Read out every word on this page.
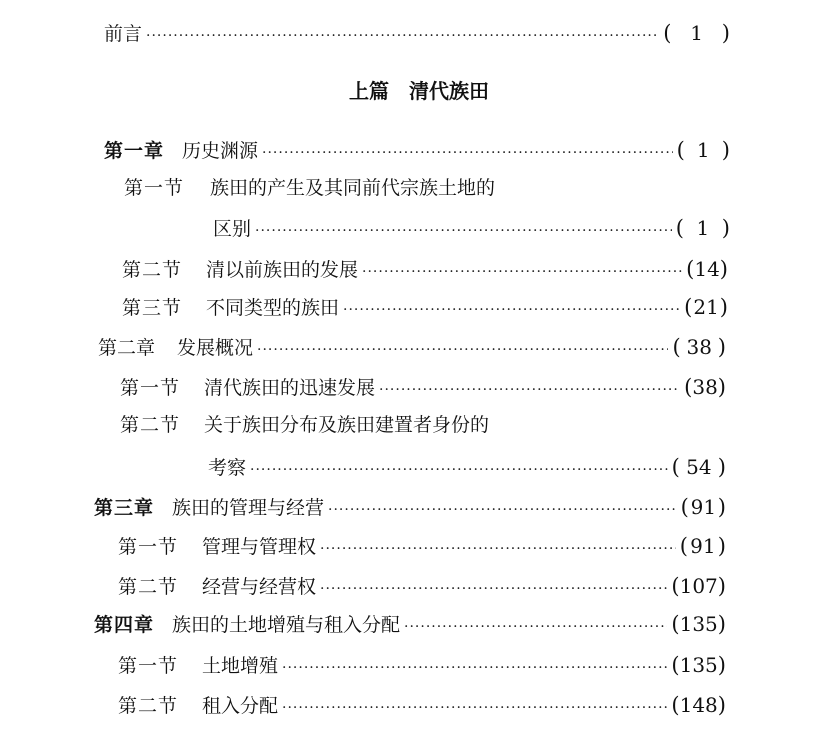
前言 ·····	( 1 )
上篇 清代族田
第一章 历史渊源 ·····	( 1 )
第一节 族田的产生及其同前代宗族土地的
区别 ·····	( 1 )
第二节 清以前族田的发展 ·····	( 14 )
第三节 不同类型的族田 ·····	( 21 )
第二章 发展概况 ·····	( 38 )
第一节 清代族田的迅速发展 ·····	( 38 )
第二节 关于族田分布及族田建置者身份的
考察 ·····	( 54 )
第三章 族田的管理与经营 ·····	( 91 )
第一节 管理与管理权 ·····	( 91 )
第二节 经营与经营权 ·····	( 107 )
第四章 族田的土地增殖与租入分配 ·····	( 135 )
第一节 土地增殖 ·····	( 135 )
第二节 租入分配 ·····	( 148 )
